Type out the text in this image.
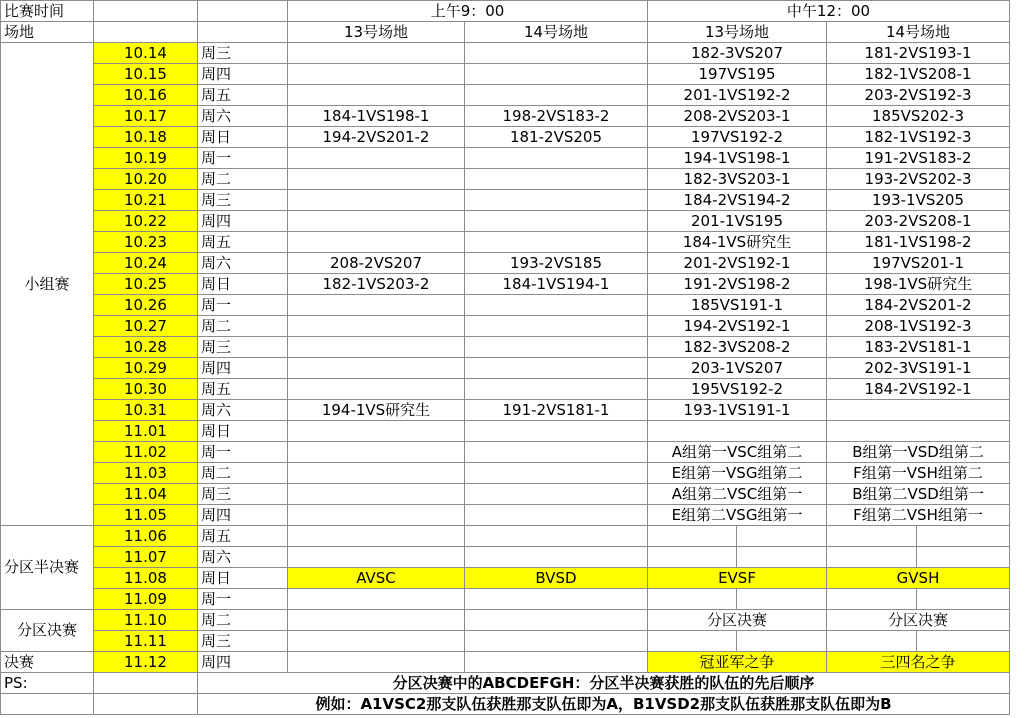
比赛时间			上午9：00		中午12：00			
场地			13号场地	14号场地	13号场地		14号场地	
小组赛	10.14	周三			182-3VS207		181-2VS193-1	
	10.15	周四			197VS195		182-1VS208-1	
	10.16	周五			201-1VS192-2		203-2VS192-3	
	10.17	周六	184-1VS198-1	198-2VS183-2	208-2VS203-1		185VS202-3	
	10.18	周日	194-2VS201-2	181-2VS205	197VS192-2		182-1VS192-3	
	10.19	周一			194-1VS198-1		191-2VS183-2	
	10.20	周二			182-3VS203-1		193-2VS202-3	
	10.21	周三			184-2VS194-2		193-1VS205	
	10.22	周四			201-1VS195		203-2VS208-1	
	10.23	周五			184-1VS研究生		181-1VS198-2	
	10.24	周六	208-2VS207	193-2VS185	201-2VS192-1		197VS201-1	
	10.25	周日	182-1VS203-2	184-1VS194-1	191-2VS198-2		198-1VS研究生	
	10.26	周一			185VS191-1		184-2VS201-2	
	10.27	周二			194-2VS192-1		208-1VS192-3	
	10.28	周三			182-3VS208-2		183-2VS181-1	
	10.29	周四			203-1VS207		202-3VS191-1	
	10.30	周五			195VS192-2		184-2VS192-1	
	10.31	周六	194-1VS研究生	191-2VS181-1	193-1VS191-1			
	11.01	周日						
	11.02	周一			A组第一VSC组第二		B组第一VSD组第二	
	11.03	周二			E组第一VSG组第二		F组第一VSH组第二	
	11.04	周三			A组第二VSC组第一		B组第二VSD组第一	
	11.05	周四			E组第二VSG组第一		F组第二VSH组第一	
分区半决赛	11.06	周五						
	11.07	周六						
	11.08	周日	AVSC	BVSD	EVSF		GVSH	
	11.09	周一						
分区决赛	11.10	周二			分区决赛		分区决赛	
	11.11	周三						
决赛	11.12	周四			冠亚军之争		三四名之争	
PS:		分区决赛中的ABCDEFGH：分区半决赛获胜的队伍的先后顺序						
		例如：A1VSC2那支队伍获胜那支队伍即为A，B1VSD2那支队伍获胜那支队伍即为B						
